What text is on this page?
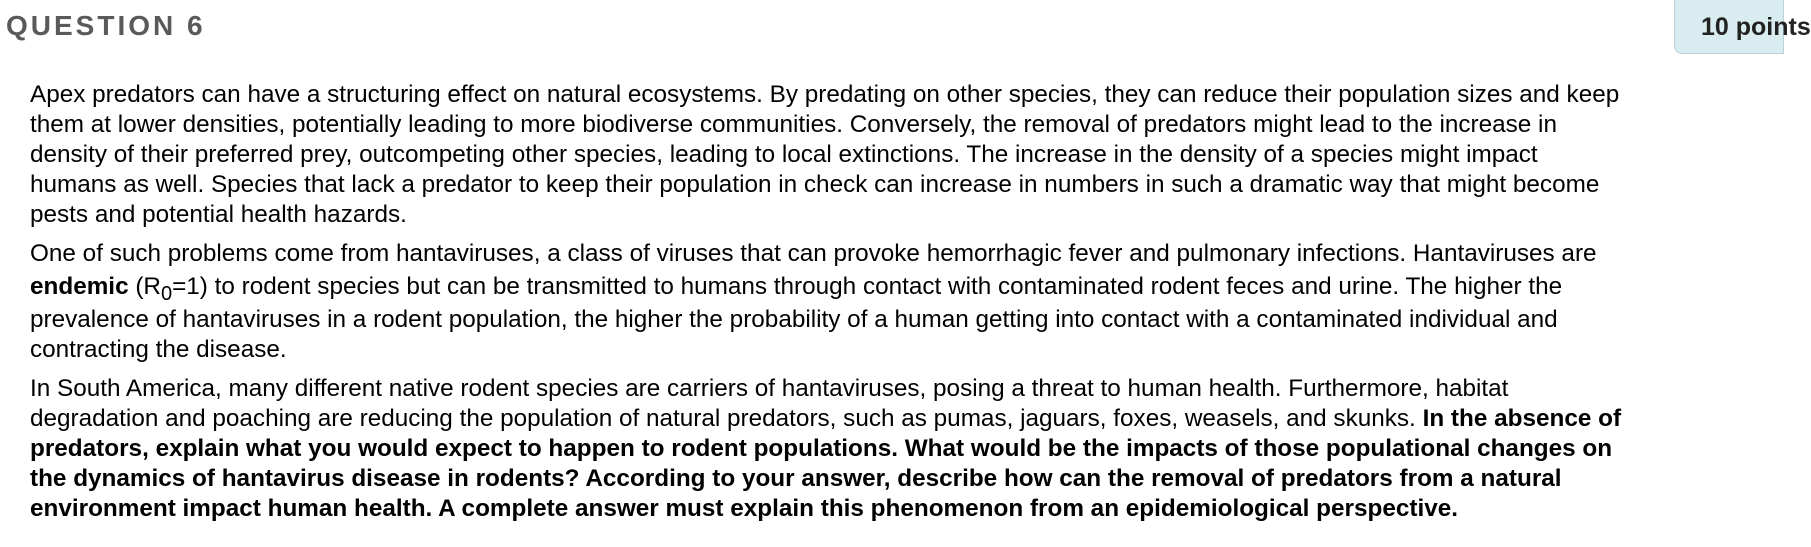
QUESTION 6	10 points
Apex predators can have a structuring effect on natural ecosystems. By predating on other species, they can reduce their population sizes and keep
them at lower densities, potentially leading to more biodiverse communities. Conversely, the removal of predators might lead to the increase in
density of their preferred prey, outcompeting other species, leading to local extinctions. The increase in the density of a species might impact
humans as well. Species that lack a predator to keep their population in check can increase in numbers in such a dramatic way that might become
pests and potential health hazards.
One of such problems come from hantaviruses, a class of viruses that can provoke hemorrhagic fever and pulmonary infections. Hantaviruses are
endemic $(R_0=1)$ to rodent species but can be transmitted to humans through contact with contaminated rodent feces and urine. The higher the
prevalence of hantaviruses in a rodent population, the higher the probability of a human getting into contact with a contaminated individual and
contracting the disease.
In South America, many different native rodent species are carriers of hantaviruses, posing a threat to human health. Furthermore, habitat
degradation and poaching are reducing the population of natural predators, such as pumas, jaguars, foxes, weasels, and skunks. In the absence of
predators, explain what you would expect to happen to rodent populations. What would be the impacts of those populational changes on
the dynamics of hantavirus disease in rodents? According to your answer, describe how can the removal of predators from a natural
environment impact human health. A complete answer must explain this phenomenon from an epidemiological perspective.
